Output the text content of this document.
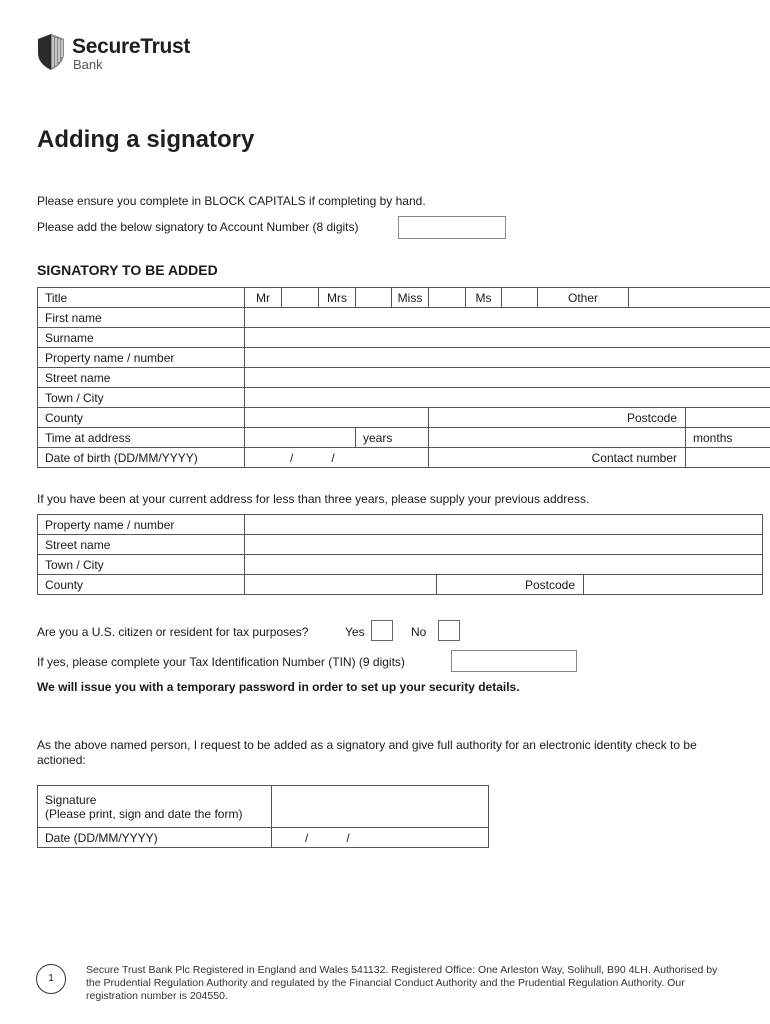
SecureTrust
Bank
Adding a signatory
Please ensure you complete in BLOCK CAPITALS if completing by hand.
Please add the below signatory to Account Number (8 digits)
SIGNATORY TO BE ADDED
Title	Mr		Mrs		Miss		Ms		Other		
First name											
Surname											
Property name / number											
Street name											
Town / City											
County						Postcode					
Time at address				years							months
Date of birth (DD/MM/YYYY)	/ /					Contact number					
If you have been at your current address for less than three years, please supply your previous address.
Property name / number			
Street name			
Town / City			
County		Postcode	
Are you a U.S. citizen or resident for tax purposes?	Yes	No
If yes, please complete your Tax Identification Number (TIN) (9 digits)
We will issue you with a temporary password in order to set up your security details.
As the above named person, I request to be added as a signatory and give full authority for an electronic identity check to be actioned:
Signature
(Please print, sign and date the form)	

Date (DD/MM/YYYY)	/ /
1
Secure Trust Bank Plc Registered in England and Wales 541132. Registered Office: One Arleston Way, Solihull, B90 4LH. Authorised by the Prudential Regulation Authority and regulated by the Financial Conduct Authority and the Prudential Regulation Authority. Our registration number is 204550.
